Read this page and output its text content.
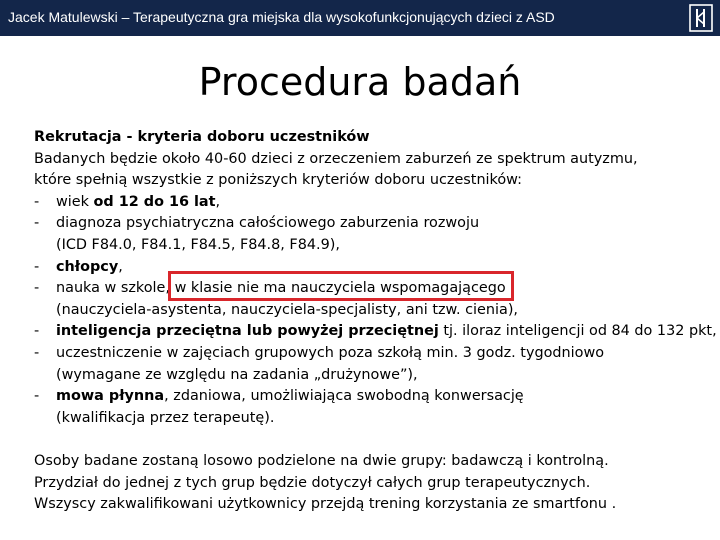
Jacek Matulewski – Terapeutyczna gra miejska dla wysokofunkcjonujących dzieci z ASD
Procedura badań
Rekrutacja - kryteria doboru uczestników
Badanych będzie około 40-60 dzieci z orzeczeniem zaburzeń ze spektrum autyzmu,
które spełnią wszystkie z poniższych kryteriów doboru uczestników:
- wiek od 12 do 16 lat,
- diagnoza psychiatryczna całościowego zaburzenia rozwoju
(ICD F84.0, F84.1, F84.5, F84.8, F84.9),
- chłopcy,
- nauka w szkole, w klasie nie ma nauczyciela wspomagającego
(nauczyciela-asystenta, nauczyciela-specjalisty, ani tzw. cienia),
- inteligencja przeciętna lub powyżej przeciętnej tj. iloraz inteligencji od 84 do 132 pkt,
- uczestniczenie w zajęciach grupowych poza szkołą min. 3 godz. tygodniowo
(wymagane ze względu na zadania „drużynowe”),
- mowa płynna, zdaniowa, umożliwiająca swobodną konwersację
(kwalifikacja przez terapeutę).
Osoby badane zostaną losowo podzielone na dwie grupy: badawczą i kontrolną.
Przydział do jednej z tych grup będzie dotyczył całych grup terapeutycznych.
Wszyscy zakwalifikowani użytkownicy przejdą trening korzystania ze smartfonu .
